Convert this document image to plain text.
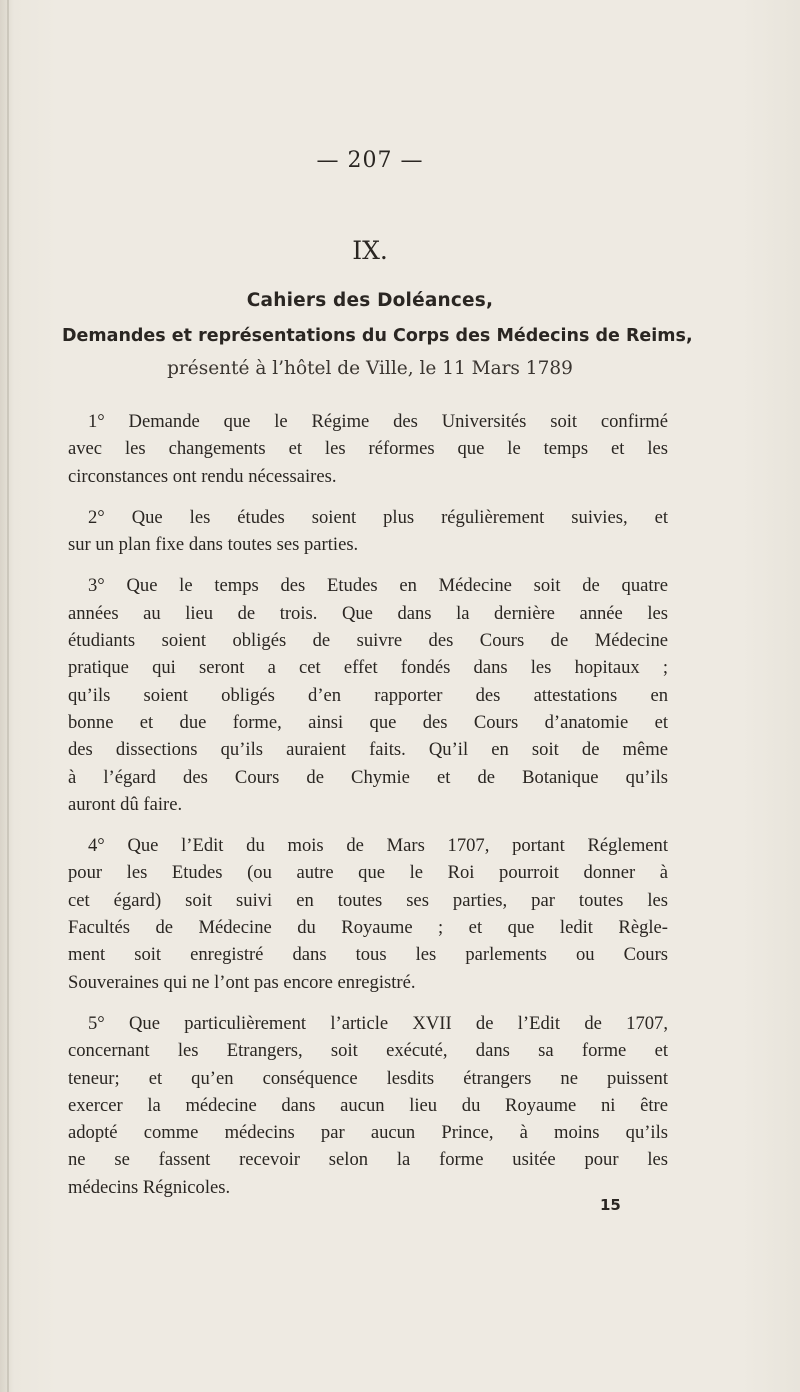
— 207 —
IX.
Cahiers des Doléances,
Demandes et représentations du Corps des Médecins de Reims,
présenté à l’hôtel de Ville, le 11 Mars 1789

1° Demande que le Régime des Universités soit confirmé
avec les changements et les réformes que le temps et les
circonstances ont rendu nécessaires.

2° Que les études soient plus régulièrement suivies, et
sur un plan fixe dans toutes ses parties.

3° Que le temps des Etudes en Médecine soit de quatre
années au lieu de trois. Que dans la dernière année les
étudiants soient obligés de suivre des Cours de Médecine
pratique qui seront a cet effet fondés dans les hopitaux ;
qu’ils soient obligés d’en rapporter des attestations en
bonne et due forme, ainsi que des Cours d’anatomie et
des dissections qu’ils auraient faits. Qu’il en soit de même
à l’égard des Cours de Chymie et de Botanique qu’ils
auront dû faire.

4° Que l’Edit du mois de Mars 1707, portant Réglement
pour les Etudes (ou autre que le Roi pourroit donner à
cet égard) soit suivi en toutes ses parties, par toutes les
Facultés de Médecine du Royaume ; et que ledit Règle-
ment soit enregistré dans tous les parlements ou Cours
Souveraines qui ne l’ont pas encore enregistré.

5° Que particulièrement l’article XVII de l’Edit de 1707,
concernant les Etrangers, soit exécuté, dans sa forme et
teneur; et qu’en conséquence lesdits étrangers ne puissent
exercer la médecine dans aucun lieu du Royaume ni être
adopté comme médecins par aucun Prince, à moins qu’ils
ne se fassent recevoir selon la forme usitée pour les
médecins Régnicoles.

15
